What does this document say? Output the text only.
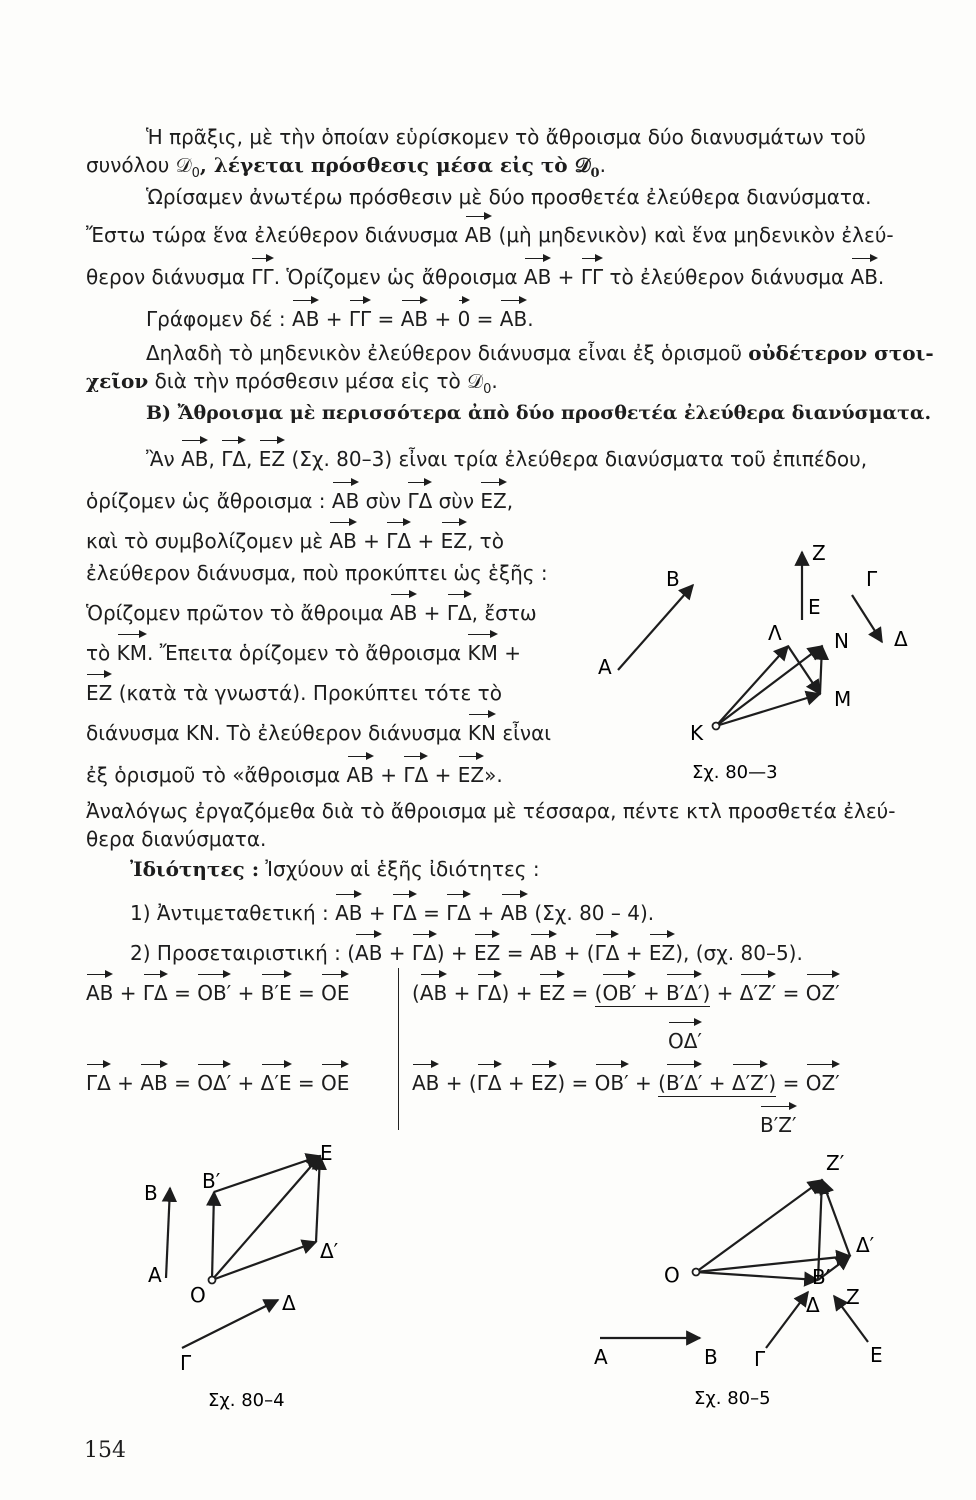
Ἡ πρᾶξις, μὲ τὴν ὁποίαν εὑρίσκομεν τὸ ἄθροισμα δύο διανυσμάτων τοῦ
συνόλου 𝒟$_0$, λέγεται πρόσθεσις μέσα εἰς τὸ 𝒟$_0$.
Ὡρίσαμεν ἀνωτέρω πρόσθεσιν μὲ δύο προσθετέα ἐλεύθερα διανύσματα.
Ἔστω τώρα ἕνα ἐλεύθερον διάνυσμα ΑΒ (μὴ μηδενικὸν) καὶ ἕνα μηδενικὸν ἐλεύ-
θερον διάνυσμα ΓΓ. Ὁρίζομεν ὡς ἄθροισμα ΑΒ + ΓΓ τὸ ἐλεύθερον διάνυσμα ΑΒ.
Γράφομεν δέ : ΑΒ + ΓΓ = ΑΒ + 0 = ΑΒ.
Δηλαδὴ τὸ μηδενικὸν ἐλεύθερον διάνυσμα εἶναι ἐξ ὁρισμοῦ οὐδέτερον στοι-
χεῖον διὰ τὴν πρόσθεσιν μέσα εἰς τὸ 𝒟$_0$.
Β) Ἄθροισμα μὲ περισσότερα ἀπὸ δύο προσθετέα ἐλεύθερα διανύσματα.
Ἂν ΑΒ, ΓΔ, ΕΖ (Σχ. 80–3) εἶναι τρία ἐλεύθερα διανύσματα τοῦ ἐπιπέδου,
ὁρίζομεν ὡς ἄθροισμα : ΑΒ σὺν ΓΔ σὺν ΕΖ,
καὶ τὸ συμβολίζομεν μὲ ΑΒ + ΓΔ + ΕΖ, τὸ
ἐλεύθερον διάνυσμα, ποὺ προκύπτει ὡς ἑξῆς :
Ὁρίζομεν πρῶτον τὸ ἄθροιμα ΑΒ + ΓΔ, ἔστω
τὸ ΚΜ. Ἔπειτα ὁρίζομεν τὸ ἄθροισμα ΚΜ +
ΕΖ (κατὰ τὰ γνωστά). Προκύπτει τότε τὸ
διάνυσμα ΚΝ. Τὸ ἐλεύθερον διάνυσμα ΚΝ εἶναι
ἐξ ὁρισμοῦ τὸ «ἄθροισμα ΑΒ + ΓΔ + ΕΖ».
Ἀναλόγως ἐργαζόμεθα διὰ τὸ ἄθροισμα μὲ τέσσαρα, πέντε κτλ προσθετέα ἐλεύ-
θερα διανύσματα.
Ἰδιότητες : Ἰσχύουν αἱ ἑξῆς ἰδιότητες :
1) Ἀντιμεταθετική : ΑΒ + ΓΔ = ΓΔ + ΑΒ (Σχ. 80 – 4).
2) Προσεταιριστική : (ΑΒ + ΓΔ) + ΕΖ = ΑΒ + (ΓΔ + ΕΖ), (σχ. 80–5).
ΑΒ + ΓΔ = ΟΒ′ + Β′Ε = ΟΕ	(ΑΒ + ΓΔ) + ΕΖ = (ΟΒ′ + Β′Δ′) + Δ′Ζ′ = ΟΖ′
ΟΔ′
ΓΔ + ΑΒ = ΟΔ′ + Δ′Ε = ΟΕ	ΑΒ + (ΓΔ + ΕΖ) = ΟΒ′ + (Β′Δ′ + Δ′Ζ′) = ΟΖ′
Β′Ζ′
Α
Β
Ζ
Ε
Γ
Δ
Λ	Ν
Μ
Κ
Σχ. 80—3
Β
Α
Β′
Ε
Δ′
Ο	Δ
Γ
Σχ. 80–4
Ζ′
Δ′
Ο	Β′
Δ Ζ
Α	Β Γ	Ε
Σχ. 80–5
154
